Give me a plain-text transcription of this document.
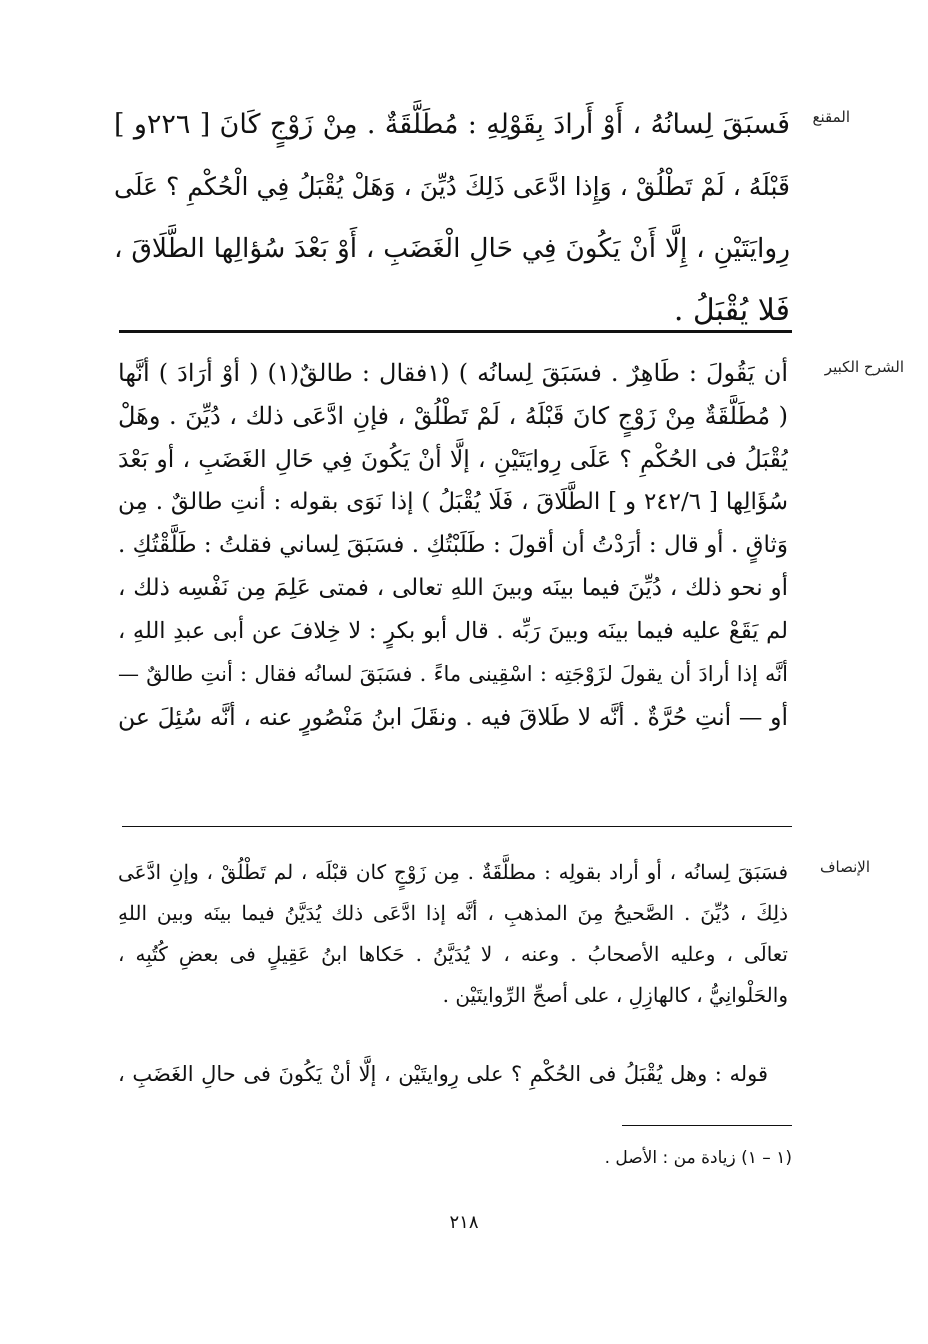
المقنع
الشرح الكبير
الإنصاف
فَسبَقَ لِسانُهُ ، أَوْ أَرادَ بِقَوْلِهِ : مُطَلَّقَةٌ . مِنْ زَوْجٍ كَانَ [ ٢٢٦و ]
قَبْلَهُ ، لَمْ تَطْلُقْ ، وَإِذا ادَّعَى ذَلِكَ دُيِّنَ ، وَهَلْ يُقْبَلُ فِي الْحُكْمِ ؟ عَلَى
رِوايَتَيْنِ ، إِلَّا أَنْ يَكُونَ فِي حَالِ الْغَضَبِ ، أَوْ بَعْدَ سُؤالِها الطَّلَاقَ ،
فَلا يُقْبَلُ .
أن يَقُولَ : طَاهِرٌ . فسَبَقَ لِسانُه ) (١فقال : طالقٌ(١) ( أوْ أرَادَ ) أنَّها
( مُطَلَّقَةٌ مِنْ زَوْجٍ كانَ قَبْلَهُ ، لَمْ تَطْلُقْ ، فإنِ ادَّعَى ذلك ، دُيِّنَ . وهَلْ
يُقْبَلُ فى الحُكْمِ ؟ عَلَى رِوايَتَيْنِ ، إلَّا أنْ يَكُونَ فِي حَالِ الغَضَبِ ، أو بَعْدَ
سُؤَالِها [ ٢٤٢/٦ و ] الطَّلَاقَ ، فَلَا يُقْبَلُ ) إذا نَوَى بقوله : أنتِ طالقٌ . مِن
وَثاقٍ . أو قال : أرَدْتُ أن أقولَ : طَلَبْتُكِ . فسَبَقَ لِساني فقلتُ : طَلَّقْتُكِ .
أو نحو ذلك ، دُيِّنَ فيما بينَه وبينَ اللهِ تعالى ، فمتى عَلِمَ مِن نَفْسِه ذلك ،
لم يَقَعْ عليه فيما بينَه وبينَ رَبِّه . قال أبو بكرٍ : لا خِلافَ عن أبى عبدِ اللهِ ،
أنَّه إذا أرادَ أن يقولَ لزَوْجَتِه : اسْقِينى ماءً . فسَبَقَ لسانُه فقال : أنتِ طالقٌ —
أو — أنتِ حُرَّةٌ . أنَّه لا طَلاقَ فيه . ونقَلَ ابنُ مَنْصُورٍ عنه ، أنَّه سُئِلَ عن
فسَبَقَ لِسانُه ، أو أراد بقولِه : مطلَّقَةٌ . مِن زَوْجٍ كان قبْلَه ، لم تَطْلُقْ ، وإنِ ادَّعَى
ذلِكَ ، دُيِّنَ . الصَّحيحُ مِنَ المذهبِ ، أنَّه إذا ادَّعَى ذلك يُدَيَّنُ فيما بينَه وبين اللهِ
تعالَى ، وعليه الأصحابُ . وعنه ، لا يُدَيَّنُ . حَكاها ابنُ عَقِيلٍ فى بعضِ كُتُبِه ،
والحَلْوانِيُّ ، كالهازِلِ ، على أصحِّ الرِّوايتَيْن .
قوله : وهل يُقْبَلُ فى الحُكْمِ ؟ على رِوايتَيْن ، إلَّا أنْ يَكُونَ فى حالِ الغَضَبِ ،
(١ – ١) زيادة من : الأصل .
٢١٨
